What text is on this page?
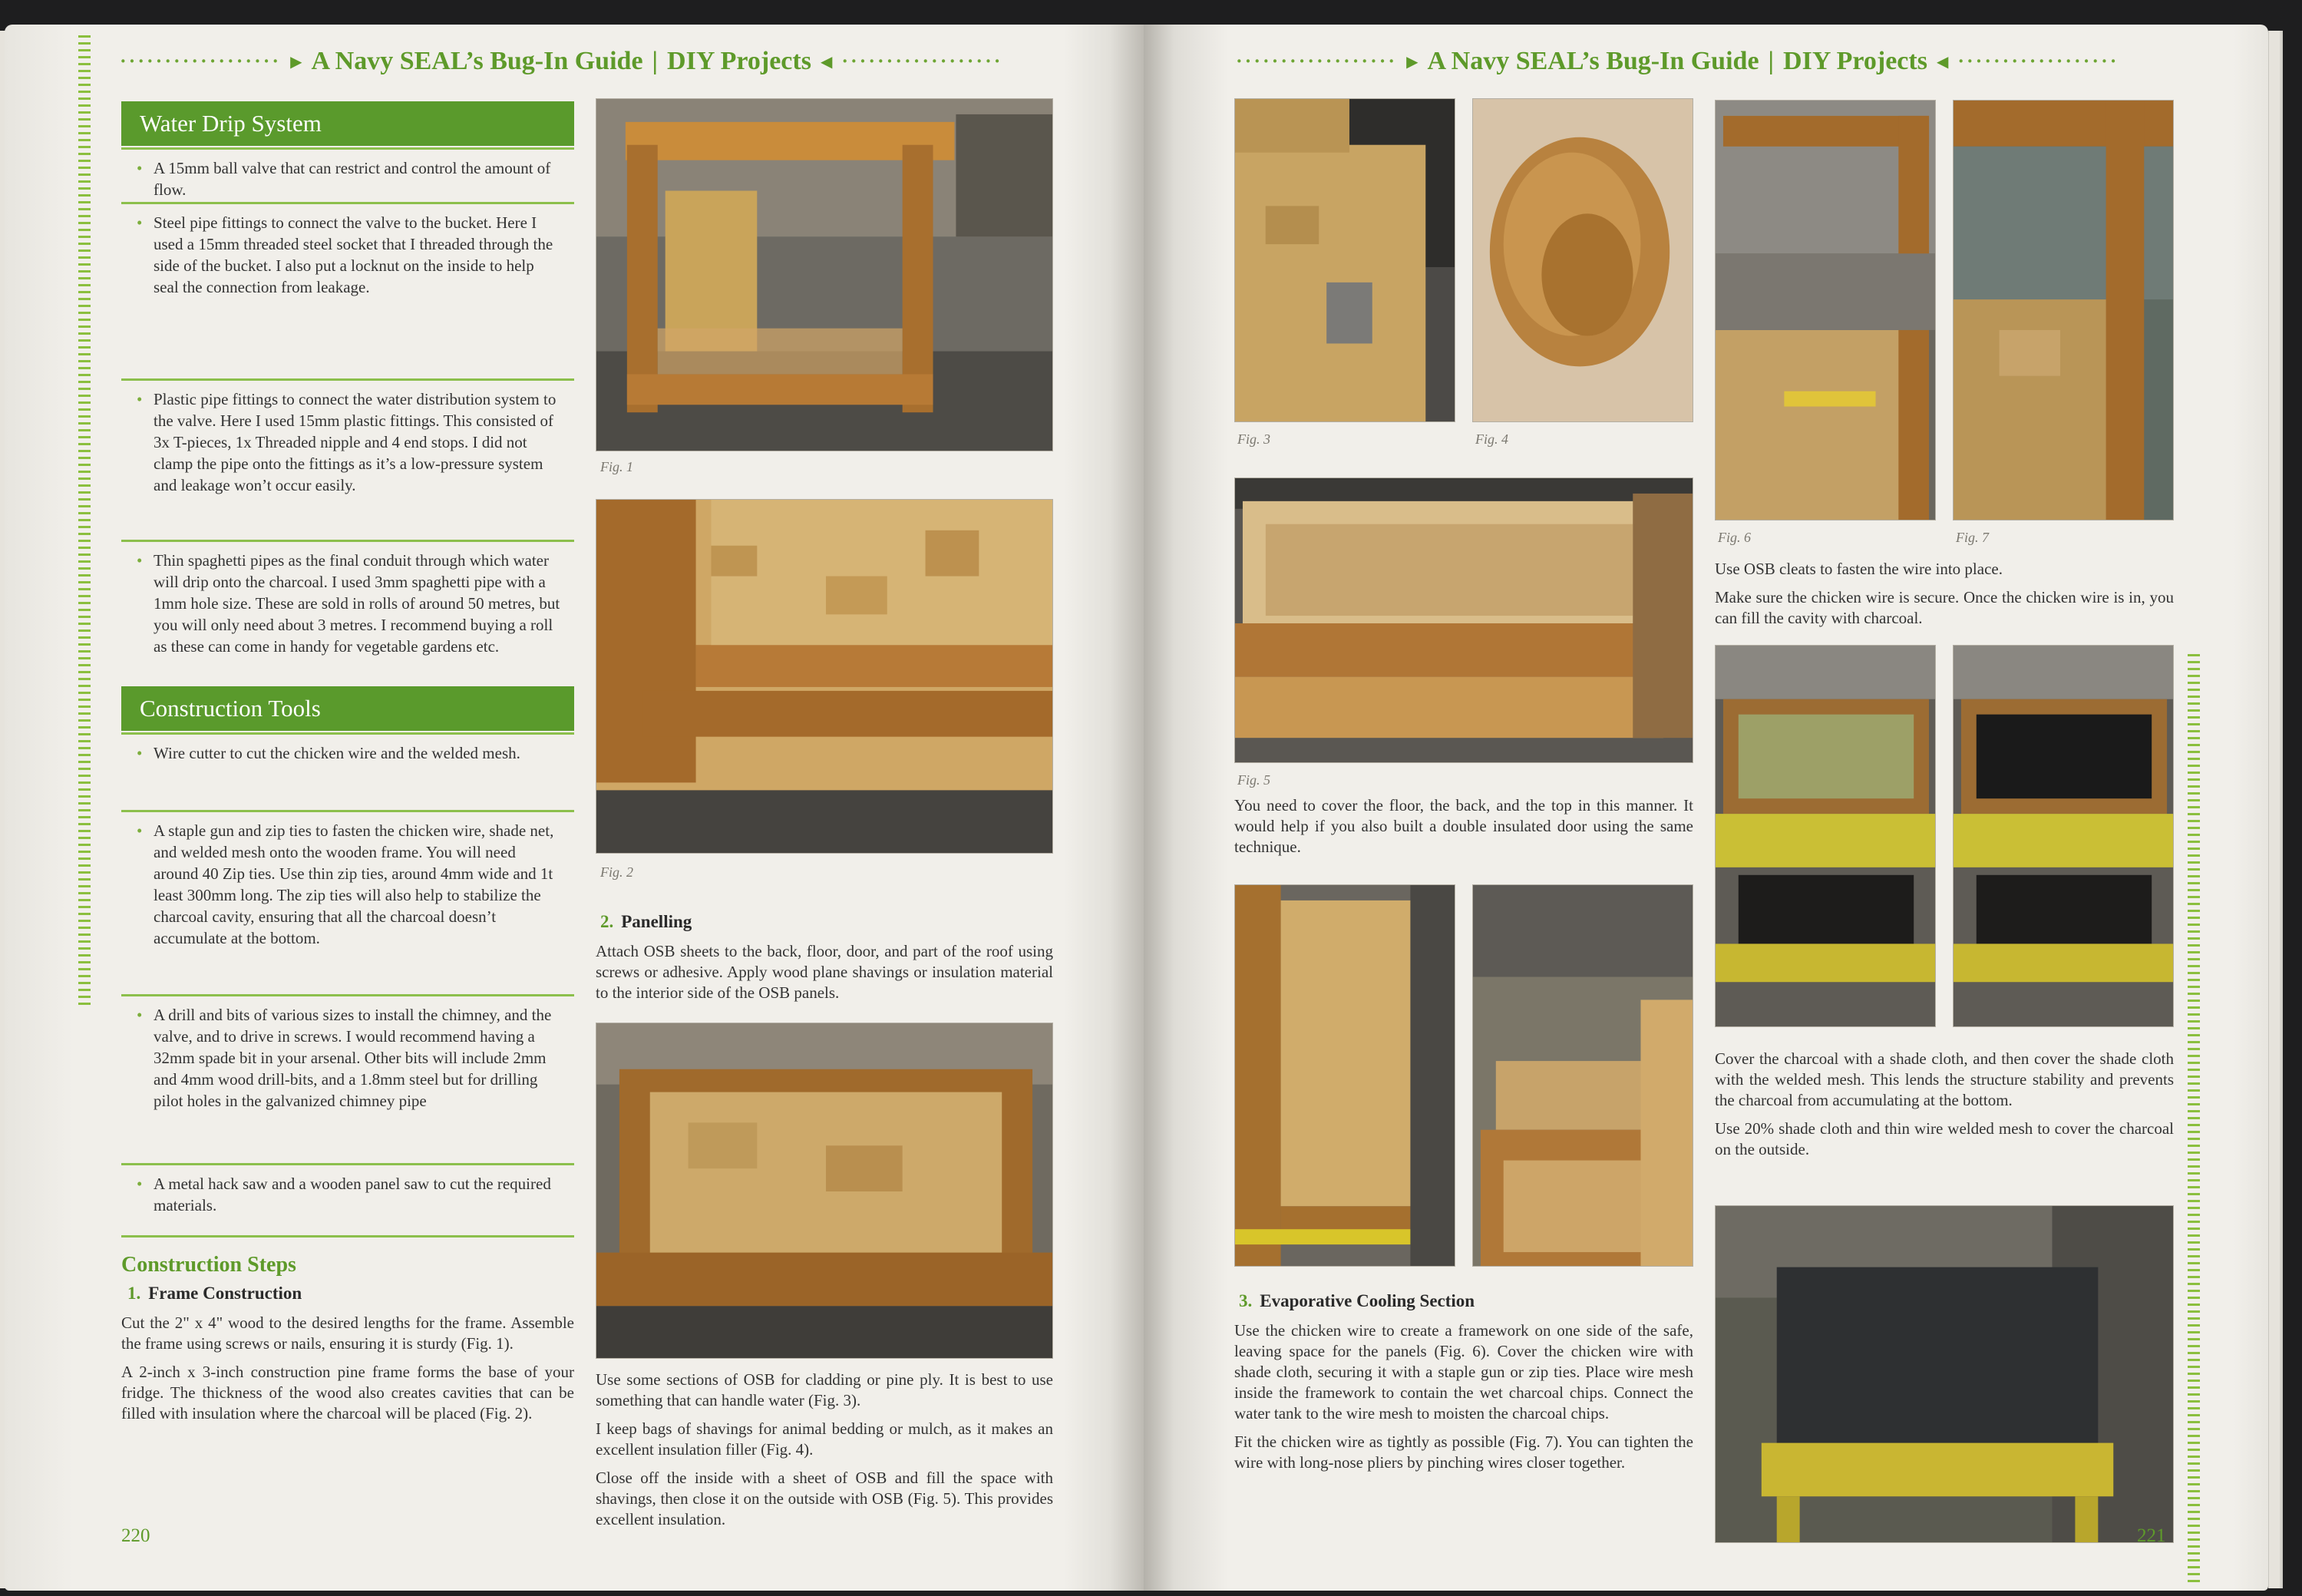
·················· ▶ A Navy SEAL’s Bug-In Guide | DIY Projects ◀ ··················
Water Drip System
• A 15mm ball valve that can restrict and control the amount of flow.
• Steel pipe fittings to connect the valve to the bucket. Here I used a 15mm threaded steel socket that I threaded through the side of the bucket. I also put a locknut on the inside to help seal the connection from leakage.
• Plastic pipe fittings to connect the water distribution system to the valve. Here I used 15mm plastic fittings. This consisted of 3x T-pieces, 1x Threaded nipple and 4 end stops. I did not clamp the pipe onto the fittings as it’s a low-pressure system and leakage won’t occur easily.
• Thin spaghetti pipes as the final conduit through which water will drip onto the charcoal. I used 3mm spaghetti pipe with a 1mm hole size. These are sold in rolls of around 50 metres, but you will only need about 3 metres. I recommend buying a roll as these can come in handy for vegetable gardens etc.
Construction Tools
• Wire cutter to cut the chicken wire and the welded mesh.
• A staple gun and zip ties to fasten the chicken wire, shade net, and welded mesh onto the wooden frame. You will need around 40 Zip ties. Use thin zip ties, around 4mm wide and 1t least 300mm long. The zip ties will also help to stabilize the charcoal cavity, ensuring that all the charcoal doesn’t accumulate at the bottom.
• A drill and bits of various sizes to install the chimney, and the valve, and to drive in screws. I would recommend having a 32mm spade bit in your arsenal. Other bits will include 2mm and 4mm wood drill-bits, and a 1.8mm steel but for drilling pilot holes in the galvanized chimney pipe
• A metal hack saw and a wooden panel saw to cut the required materials.
Construction Steps
1. Frame Construction

Cut the 2" x 4" wood to the desired lengths for the frame. Assemble the frame using screws or nails, ensuring it is sturdy (Fig. 1).

A 2-inch x 3-inch construction pine frame forms the base of your fridge. The thickness of the wood also creates cavities that can be filled with insulation where the charcoal will be placed (Fig. 2).

Fig. 1
Fig. 2
2. Panelling

Attach OSB sheets to the back, floor, door, and part of the roof using screws or adhesive. Apply wood plane shavings or insulation material to the interior side of the OSB panels.

Use some sections of OSB for cladding or pine ply. It is best to use something that can handle water (Fig. 3).

I keep bags of shavings for animal bedding or mulch, as it makes an excellent insulation filler (Fig. 4).

Close off the inside with a sheet of OSB and fill the space with shavings, then close it on the outside with OSB (Fig. 5). This provides excellent insulation.

220
·················· ▶ A Navy SEAL’s Bug-In Guide | DIY Projects ◀ ··················
Fig. 3	Fig. 4
Fig. 5

You need to cover the floor, the back, and the top in this manner. It would help if you also built a double insulated door using the same technique.

3. Evaporative Cooling Section

Use the chicken wire to create a framework on one side of the safe, leaving space for the panels (Fig. 6). Cover the chicken wire with shade cloth, securing it with a staple gun or zip ties. Place wire mesh inside the framework to contain the wet charcoal chips. Connect the water tank to the wire mesh to moisten the charcoal chips.

Fit the chicken wire as tightly as possible (Fig. 7). You can tighten the wire with long-nose pliers by pinching wires closer together.

Fig. 6	Fig. 7

Use OSB cleats to fasten the wire into place.

Make sure the chicken wire is secure. Once the chicken wire is in, you can fill the cavity with charcoal.

Cover the charcoal with a shade cloth, and then cover the shade cloth with the welded mesh. This lends the structure stability and prevents the charcoal from accumulating at the bottom.

Use 20% shade cloth and thin wire welded mesh to cover the charcoal on the outside.

221
